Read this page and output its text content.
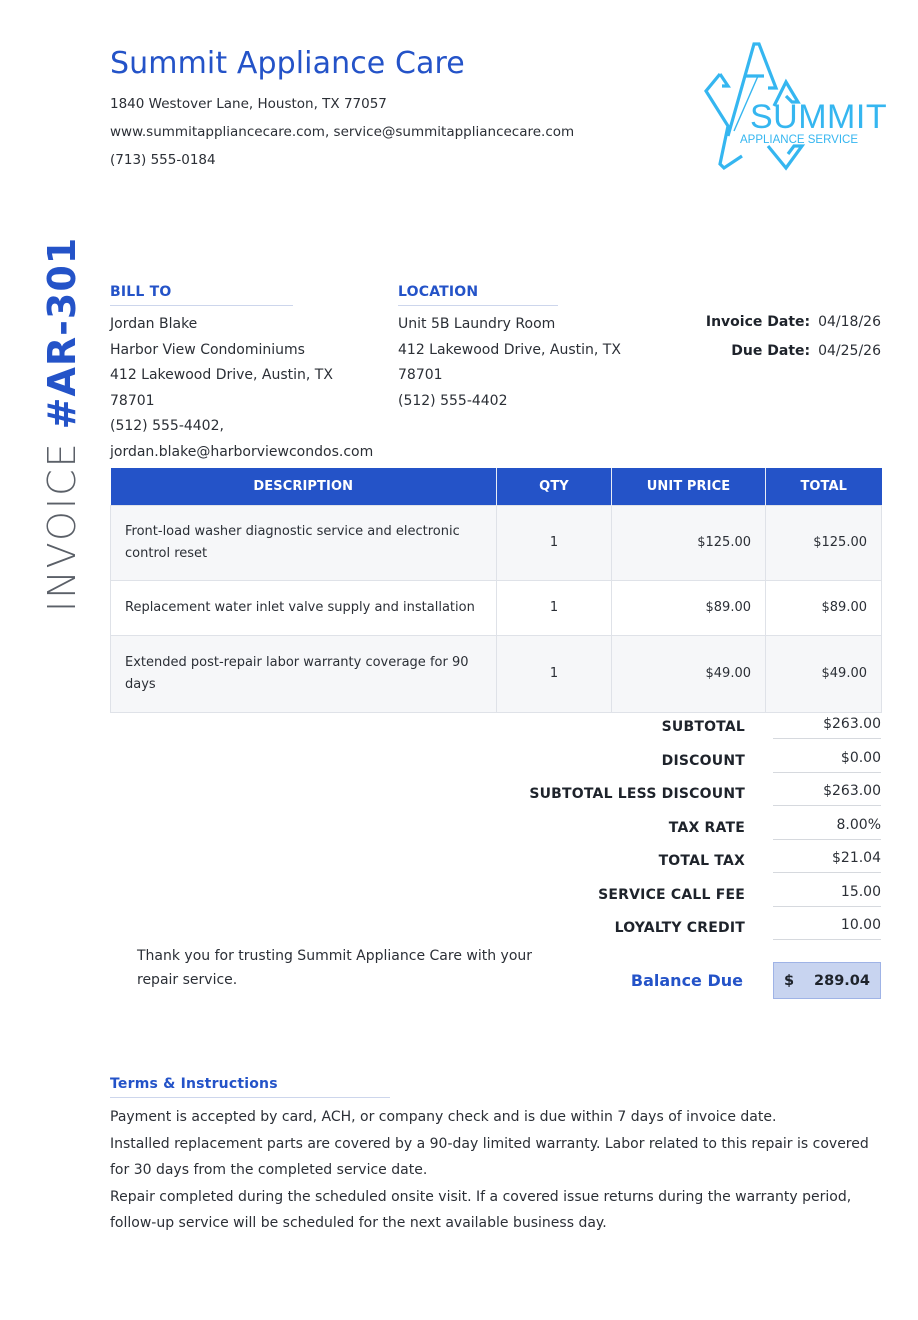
Summit Appliance Care
1840 Westover Lane, Houston, TX 77057
www.summitappliancecare.com, service@summitappliancecare.com
(713) 555-0184
SUMMIT
APPLIANCE SERVICE
INVOICE#AR-301 BILL TO
Jordan Blake
Harbor View Condominiums
412 Lakewood Drive, Austin, TX
78701
(512) 555-4402,
jordan.blake@harborviewcondos.com
LOCATION
Unit 5B Laundry Room
412 Lakewood Drive, Austin, TX
78701
(512) 555-4402
Invoice Date: 04/18/26
Due Date: 04/25/26
DESCRIPTION	QTY	UNIT PRICE	TOTAL
Front-load washer diagnostic service and electronic control reset	1	$125.00	$125.00
Replacement water inlet valve supply and installation	1	$89.00	$89.00
Extended post-repair labor warranty coverage for 90 days	1	$49.00	$49.00
SUBTOTAL	$263.00
DISCOUNT	$0.00
SUBTOTAL LESS DISCOUNT	$263.00
TAX RATE	8.00%
TOTAL TAX	$21.04
SERVICE CALL FEE	15.00
LOYALTY CREDIT	10.00
Thank you for trusting Summit Appliance Care with your repair service.	Balance Due	$ 289.04
Terms & Instructions
Payment is accepted by card, ACH, or company check and is due within 7 days of invoice date.
Installed replacement parts are covered by a 90-day limited warranty. Labor related to this repair is covered for 30 days from the completed service date.
Repair completed during the scheduled onsite visit. If a covered issue returns during the warranty period, follow-up service will be scheduled for the next available business day.
